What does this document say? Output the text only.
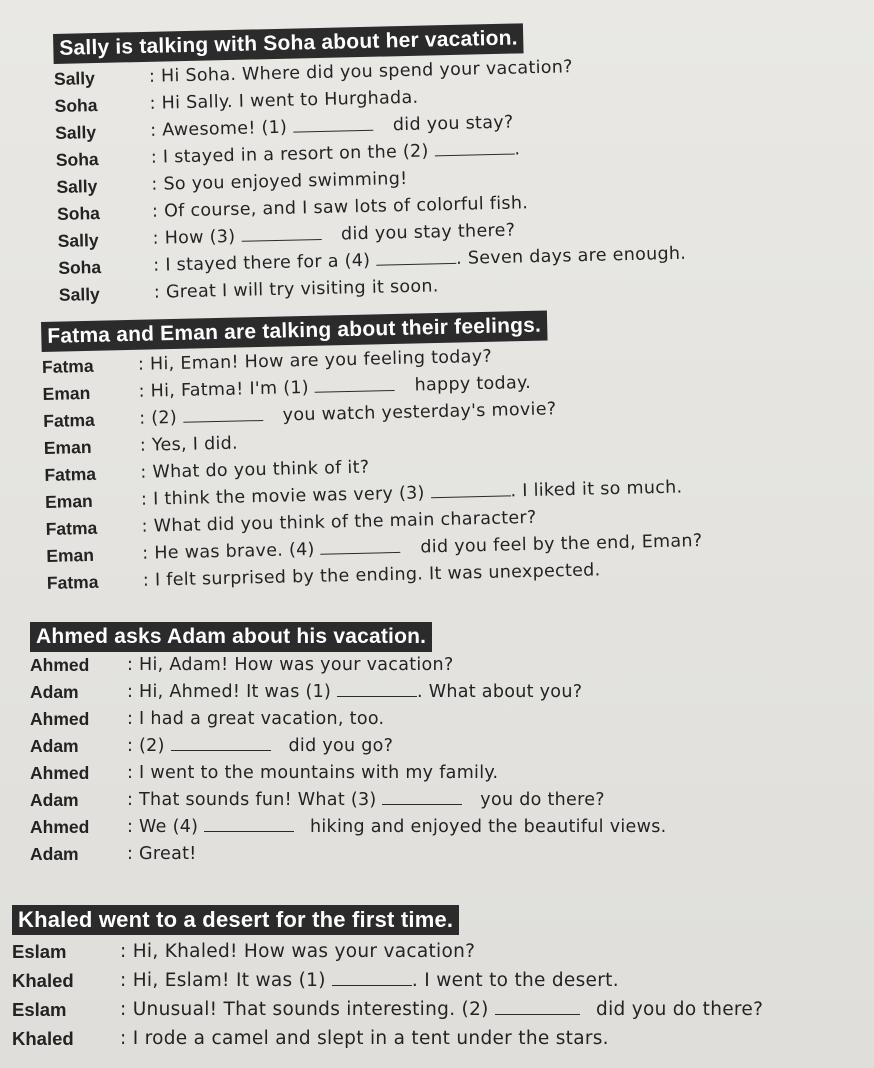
Sally is talking with Soha about her vacation.
Sally	: Hi Soha. Where did you spend your vacation?
Soha	: Hi Sally. I went to Hurghada.
Sally	: Awesome! (1)	did you stay?
Soha	: I stayed in a resort on the (2)	.
Sally	: So you enjoyed swimming!
Soha	: Of course, and I saw lots of colorful fish.
Sally	: How (3)	did you stay there?
Soha	: I stayed there for a (4)	. Seven days are enough.
Sally	: Great I will try visiting it soon.
Fatma and Eman are talking about their feelings.
Fatma	: Hi, Eman! How are you feeling today?
Eman	: Hi, Fatma! I'm (1)	happy today.
Fatma	: (2)	you watch yesterday's movie?
Eman	: Yes, I did.
Fatma	: What do you think of it?
Eman	: I think the movie was very (3)	. I liked it so much.
Fatma	: What did you think of the main character?
Eman	: He was brave. (4)	did you feel by the end, Eman?
Fatma	: I felt surprised by the ending. It was unexpected.
Ahmed asks Adam about his vacation.
Ahmed : Hi, Adam! How was your vacation?
Adam	: Hi, Ahmed! It was (1)	. What about you?
Ahmed : I had a great vacation, too.
Adam	: (2)	did you go?
Ahmed : I went to the mountains with my family.
Adam	: That sounds fun! What (3)	you do there?
Ahmed : We (4)	hiking and enjoyed the beautiful views.
Adam	: Great!
Khaled went to a desert for the first time.
Eslam	: Hi, Khaled! How was your vacation?
Khaled	: Hi, Eslam! It was (1)	. I went to the desert.
Eslam	: Unusual! That sounds interesting. (2)	did you do there?
Khaled	: I rode a camel and slept in a tent under the stars.
